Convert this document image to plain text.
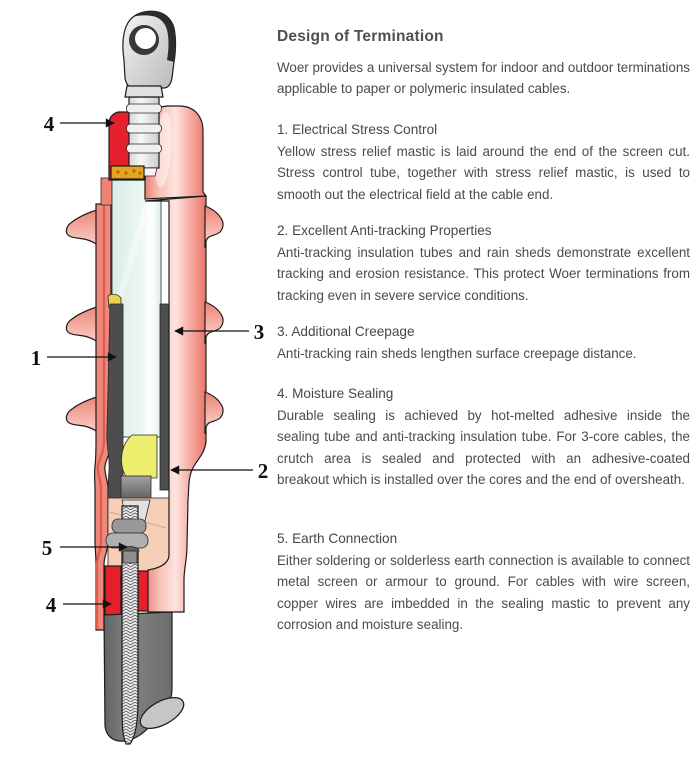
4
1
3
2
5
4
Design of Termination

Woer provides a universal system for indoor and outdoor terminations applicable to paper or polymeric insulated cables.

1. Electrical Stress Control

Yellow stress relief mastic is laid around the end of the screen cut. Stress control tube, together with stress relief mastic, is used to smooth out the electrical field at the cable end.

2. Excellent Anti-tracking Properties

Anti-tracking insulation tubes and rain sheds demonstrate excellent tracking and erosion resistance. This protect Woer terminations from tracking even in severe service conditions.

3. Additional Creepage

Anti-tracking rain sheds lengthen surface creepage distance.

4. Moisture Sealing

Durable sealing is achieved by hot-melted adhesive inside the sealing tube and anti-tracking insulation tube. For 3-core cables, the crutch area is sealed and protected with an adhesive-coated breakout which is installed over the cores and the end of oversheath.

5. Earth Connection

Either soldering or solderless earth connection is available to connect metal screen or armour to ground. For cables with wire screen, copper wires are imbedded in the sealing mastic to prevent any corrosion and moisture sealing.
